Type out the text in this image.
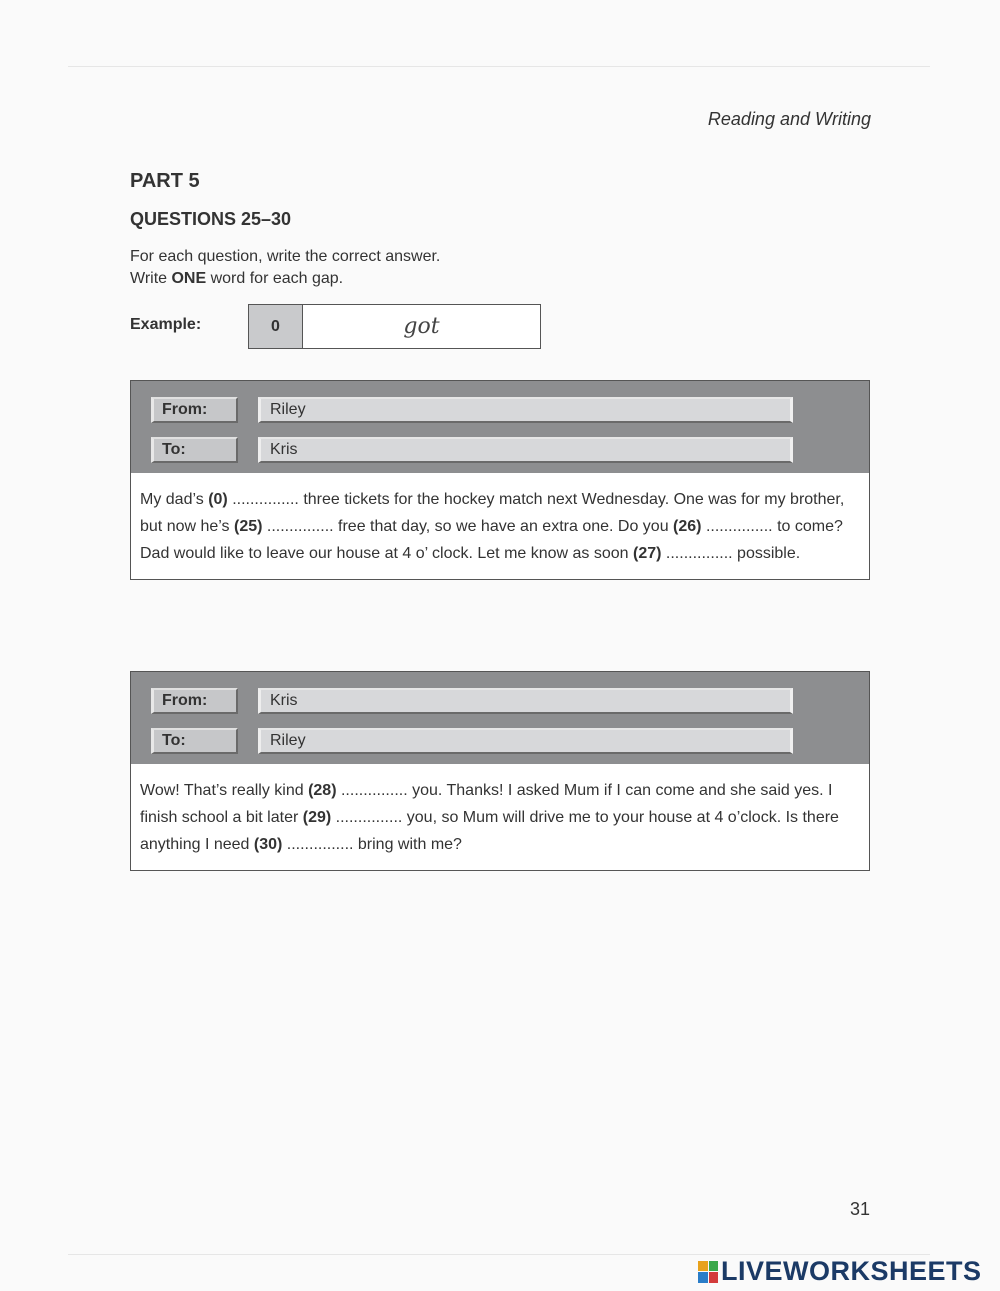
Reading and Writing
PART 5
QUESTIONS 25–30
For each question, write the correct answer.
Write ONE word for each gap.
Example:	0	got
From:	Riley
To:	Kris
My dad’s (0) ............... three tickets for the hockey match next Wednesday. One was for my brother, but now he’s (25) ............... free that day, so we have an extra one. Do you (26) ............... to come? Dad would like to leave our house at 4 o’ clock. Let me know as soon (27) ............... possible.
From:	Kris
To:	Riley
Wow! That’s really kind (28) ............... you. Thanks! I asked Mum if I can come and she said yes. I finish school a bit later (29) ............... you, so Mum will drive me to your house at 4 o’clock. Is there anything I need (30) ............... bring with me?
31
LIVEWORKSHEETS
